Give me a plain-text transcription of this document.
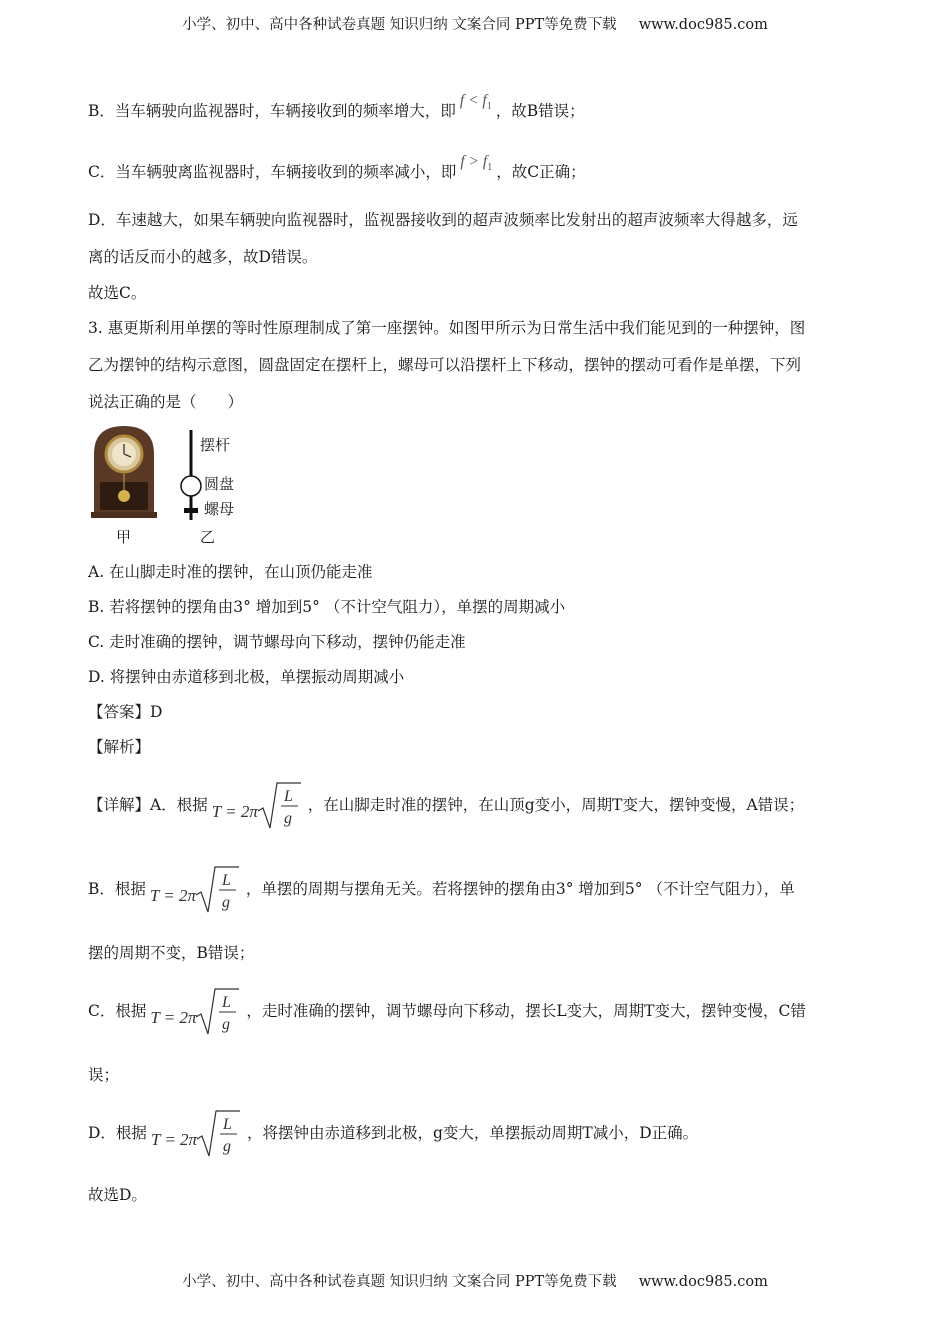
小学、初中、高中各种试卷真题 知识归纳 文案合同 PPT等免费下载 www.doc985.com
B．当车辆驶向监视器时，车辆接收到的频率增大，即$f < f_1$ ，故B错误；
C．当车辆驶离监视器时，车辆接收到的频率减小，即$f > f_1$ ，故C正确；
D．车速越大，如果车辆驶向监视器时，监视器接收到的超声波频率比发射出的超声波频率大得越多，远
离的话反而小的越多，故D错误。
故选C。
3. 惠更斯利用单摆的等时性原理制成了第一座摆钟。如图甲所示为日常生活中我们能见到的一种摆钟，图
乙为摆钟的结构示意图，圆盘固定在摆杆上，螺母可以沿摆杆上下移动，摆钟的摆动可看作是单摆，下列
说法正确的是（　　）
甲
摆杆
圆盘
螺母
乙
A. 在山脚走时准的摆钟，在山顶仍能走准
B. 若将摆钟的摆角由3° 增加到5° （不计空气阻力），单摆的周期减小
C. 走时准确的摆钟，调节螺母向下移动，摆钟仍能走准
D. 将摆钟由赤道移到北极，单摆振动周期减小
【答案】D
【解析】
【详解】A．根据 T = 2π
L
g
，在山脚走时准的摆钟，在山顶g变小，周期T变大，摆钟变慢，A错误；
B．根据 T = 2π
L
g
，单摆的周期与摆角无关。若将摆钟的摆角由3° 增加到5° （不计空气阻力），单
摆的周期不变，B错误；
C．根据 T = 2π
L
g
，走时准确的摆钟，调节螺母向下移动，摆长L变大，周期T变大，摆钟变慢，C错
误；
D．根据 T = 2π
L
g
，将摆钟由赤道移到北极，g变大，单摆振动周期T减小，D正确。
故选D。
小学、初中、高中各种试卷真题 知识归纳 文案合同 PPT等免费下载 www.doc985.com
